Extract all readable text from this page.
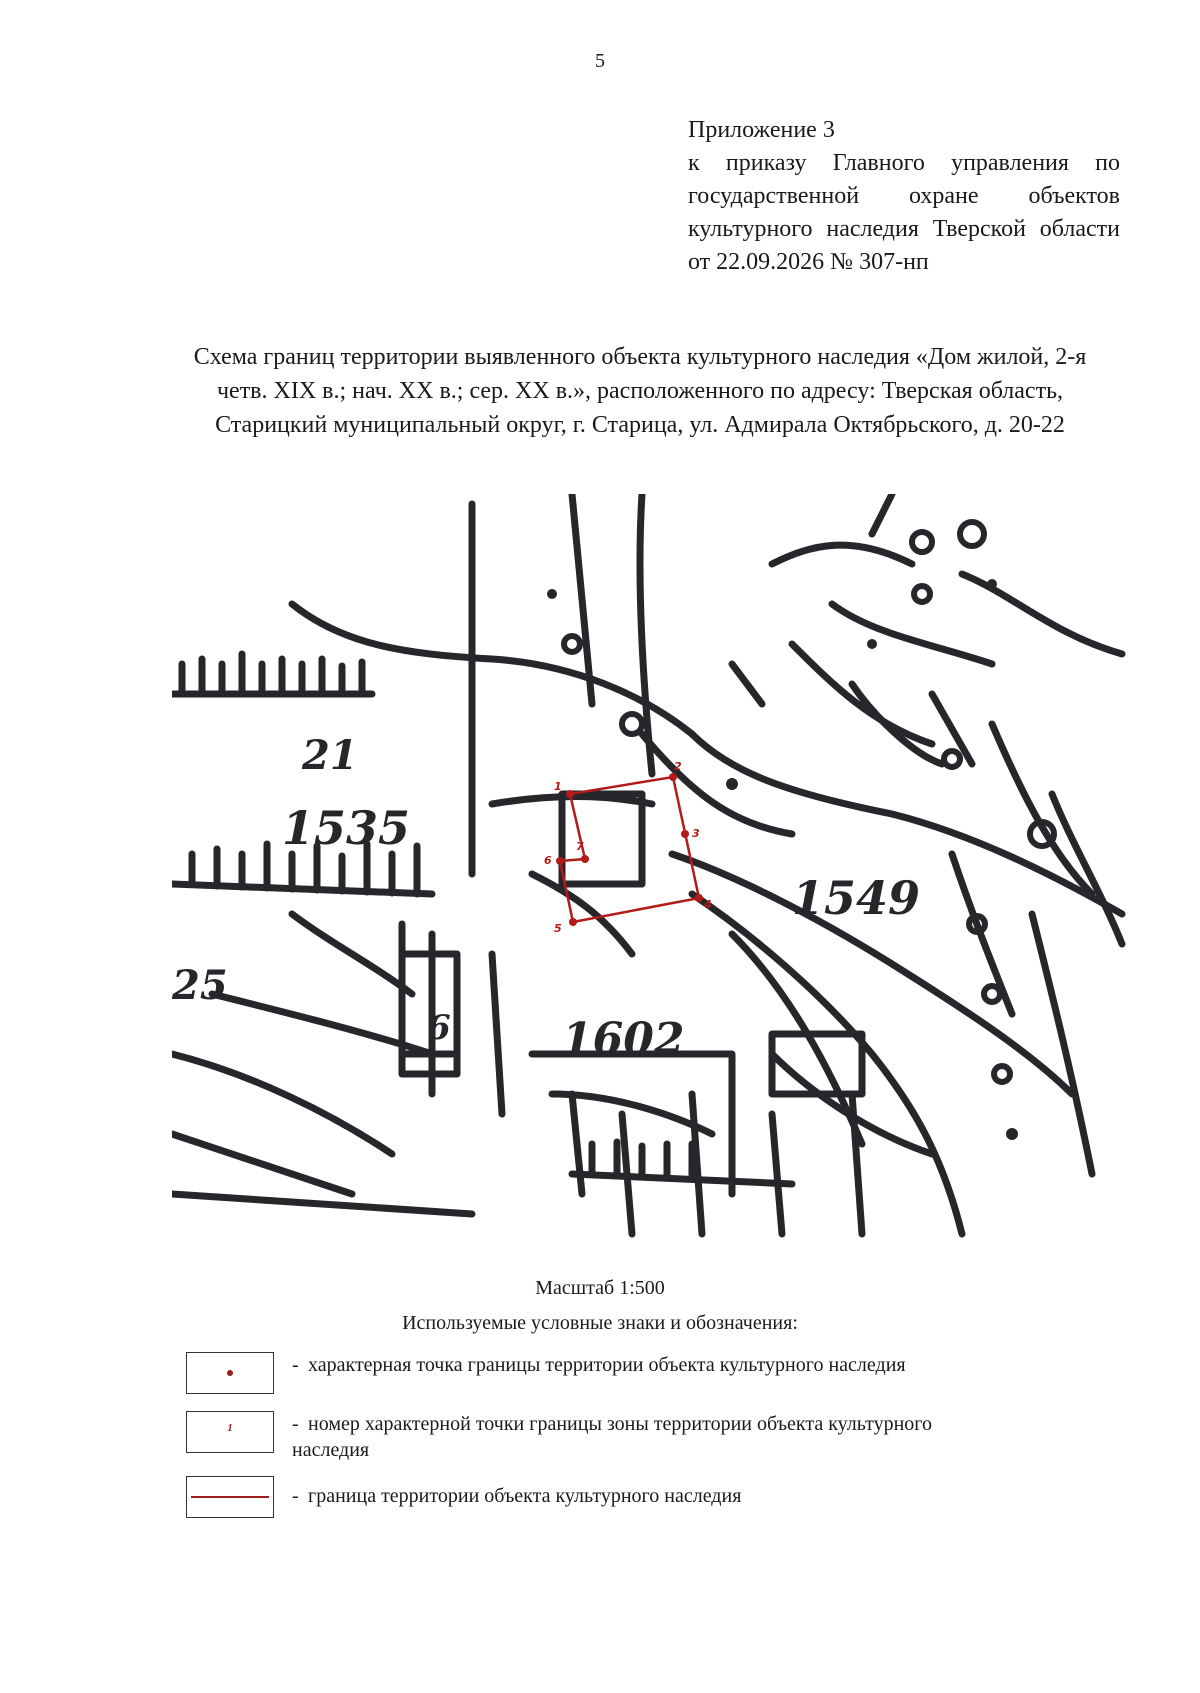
5
Приложение 3
к приказу Главного управления по государственной охране объектов культурного наследия Тверской области от 22.09.2026 № 307-нп
Схема границ территории выявленного объекта культурного наследия «Дом жилой, 2-я четв. XIX в.; нач. XX в.; сер. XX в.», расположенного по адресу: Тверская область, Старицкий муниципальный округ, г. Старица, ул. Адмирала Октябрьского, д. 20-22
1535
1549
1602
21
25
6
1
2
3
4
5
6
7
Масштаб 1:500
Используемые условные знаки и обозначения:
- характерная точка границы территории объекта культурного наследия
1	- номер характерной точки границы зоны территории объекта культурного наследия
- граница территории объекта культурного наследия
